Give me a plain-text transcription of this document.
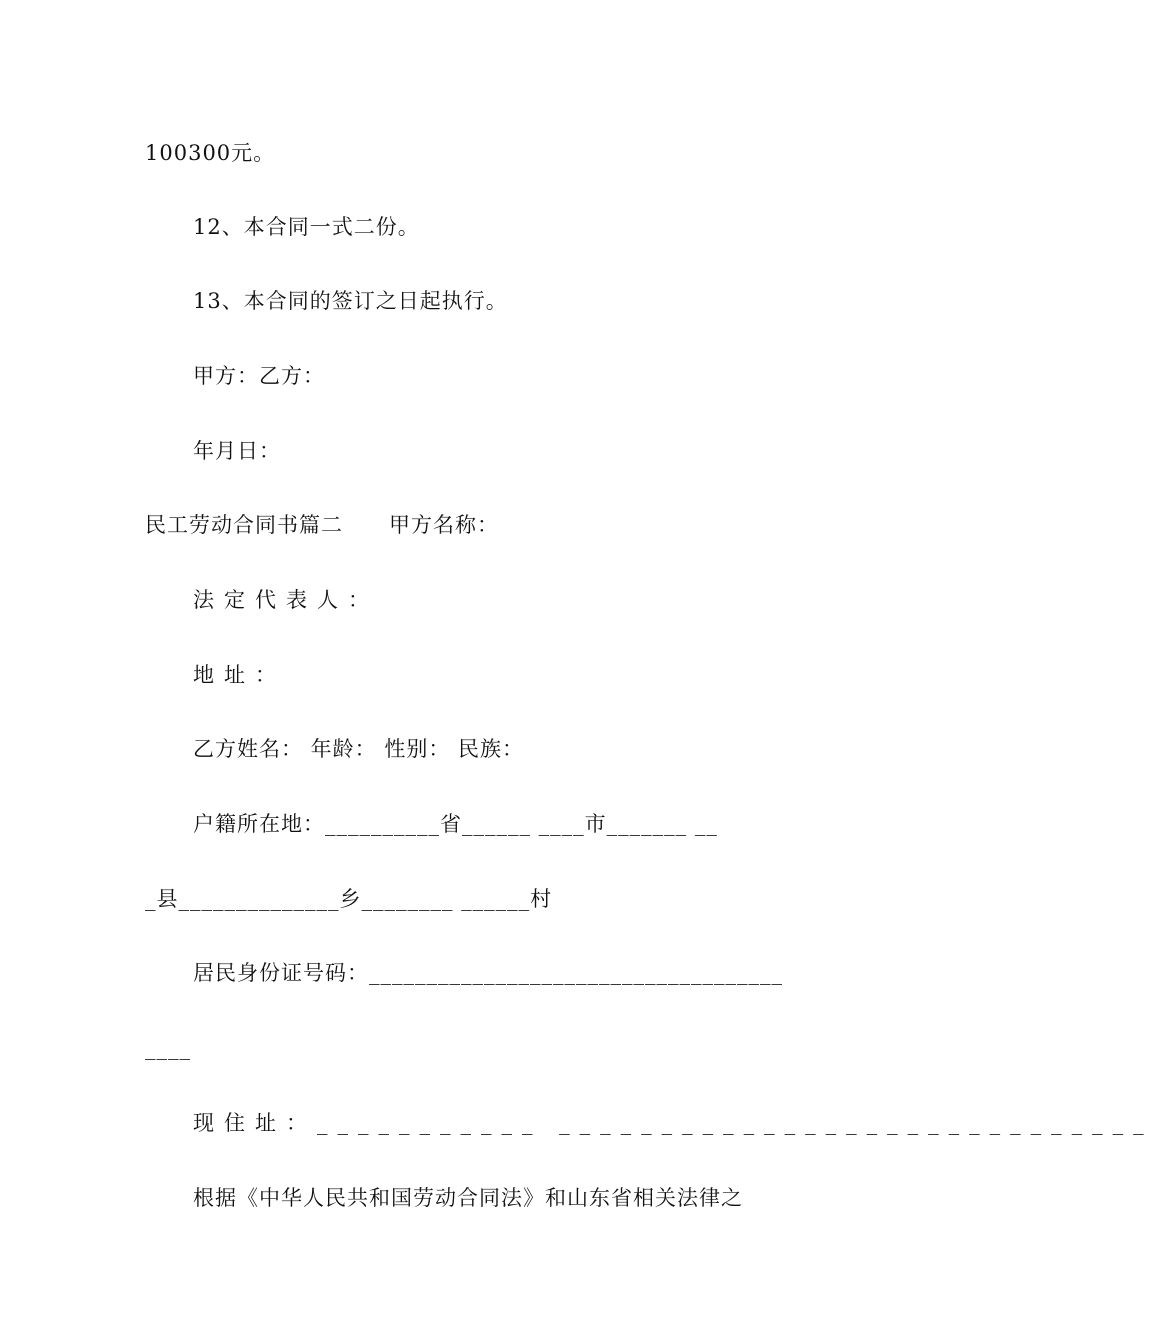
100300元。
12、本合同一式二份。
13、本合同的签订之日起执行。
甲方：乙方：
年月日：
民工劳动合同书篇二 甲方名称：
法定代表人：
地址：
乙方姓名： 年龄： 性别： 民族：
户籍所在地：__________省______ ____市_______ __
_县______________乡________ ______村
居民身份证号码：____________________________________
____
现住址：___________ _____________________________
根据《中华人民共和国劳动合同法》和山东省相关法律之
